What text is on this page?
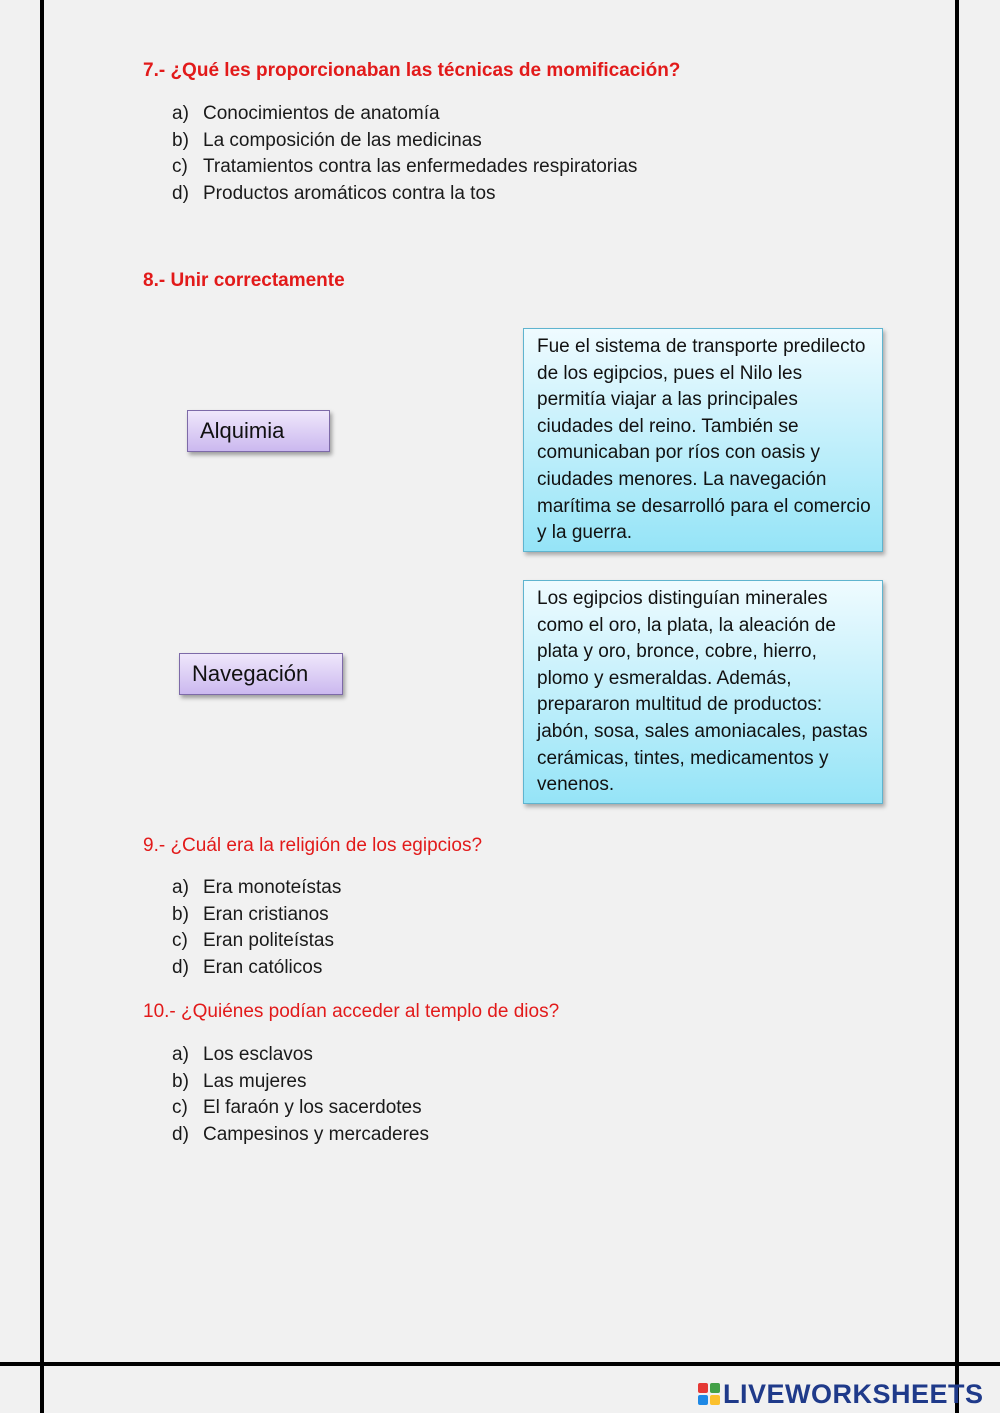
7.- ¿Qué les proporcionaban las técnicas de momificación?
a) Conocimientos de anatomía
b) La composición de las medicinas
c) Tratamientos contra las enfermedades respiratorias
d) Productos aromáticos contra la tos
8.- Unir correctamente
Alquimia
Navegación
Fue el sistema de transporte predilecto de los egipcios, pues el Nilo les permitía viajar a las principales ciudades del reino. También se comunicaban por ríos con oasis y ciudades menores. La navegación marítima se desarrolló para el comercio y la guerra.
Los egipcios distinguían minerales como el oro, la plata, la aleación de plata y oro, bronce, cobre, hierro, plomo y esmeraldas. Además, prepararon multitud de productos: jabón, sosa, sales amoniacales, pastas cerámicas, tintes, medicamentos y venenos.
9.- ¿Cuál era la religión de los egipcios?
a) Era monoteístas
b) Eran cristianos
c) Eran politeístas
d) Eran católicos
10.- ¿Quiénes podían acceder al templo de dios?
a) Los esclavos
b) Las mujeres
c) El faraón y los sacerdotes
d) Campesinos y mercaderes
LIVEWORKSHEETS
